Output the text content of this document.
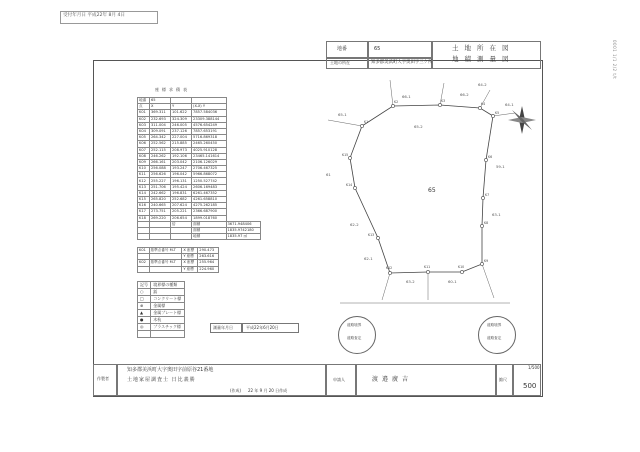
受付年月日 平成22年 8月 4日
0001 1/1 2/2 t/t
地番	65	土地所在図
地積測量図
土地の所在	知多郡美浜町大字奥田字三ケ所
座標求積表
地番	65			
点	X	Y	(X-X) Y	
K01	369.311	101.622	7857.584036	
K02	232.693	324.309	23309.388144	
K03	311.004	246.005	4576.654249	
K04	309.091	237.126	7857.653191	
K05	264.342	227.004	5716.869318	
K06	252.562	215.885	2465.260450	
K07	252.115	208.973	4025.910128	
K08	246.262	192.106	23465.141614	
K09	266.161	203.042	2106.126029	
K10	256.088	193.247	2706.467325	
K11	256.626	196.042	5966.868072	
K12	255.227	196.131	1250.527742	
K13	251.706	195.424	2606.169483	
K14	242.662	196.831	6261.467352	
K15	265.820	252.682	4261.658810	
K16	240.665	207.624	4275.262185	
K17	273.751	205.221	2366.687900	
K18	269.220	206.654	1899.018760	
		倍	面積	3671.948406
			面積	1835.9742180
			地積	1835.97 ㎡
K01	基準点番号 M-T	X 座標	290.473
		Y 座標	263.616
K02	基準点番号 M-T	X 座標	255.964
		Y 座標	224.960
記号	境界標の種類
○	鋲
□	コンクリート標
⊕	金属標
▲	金属プレート標
●	木杭
◎	プラスチック標
		測量年月日	平成22年6月20日
65
65-1
65-2
66-1	66-2
64-1
64-2
63-1
62-2
62-1
63-2	60-1
59-1
61
K1
K2	K3
K4
K5
K6
K7
K8
K9
K10
K11
K12
K13
K14
K15
道路境界
道路査定
道路境界
道路査定
作製者
知多郡美浜町大字奥田字前原谷21番地
土地家屋調査士 日比義勝
(作成) 22 年 9 月 20 日作成
申請人	渡邉廣吉	縮尺
1/500
500
